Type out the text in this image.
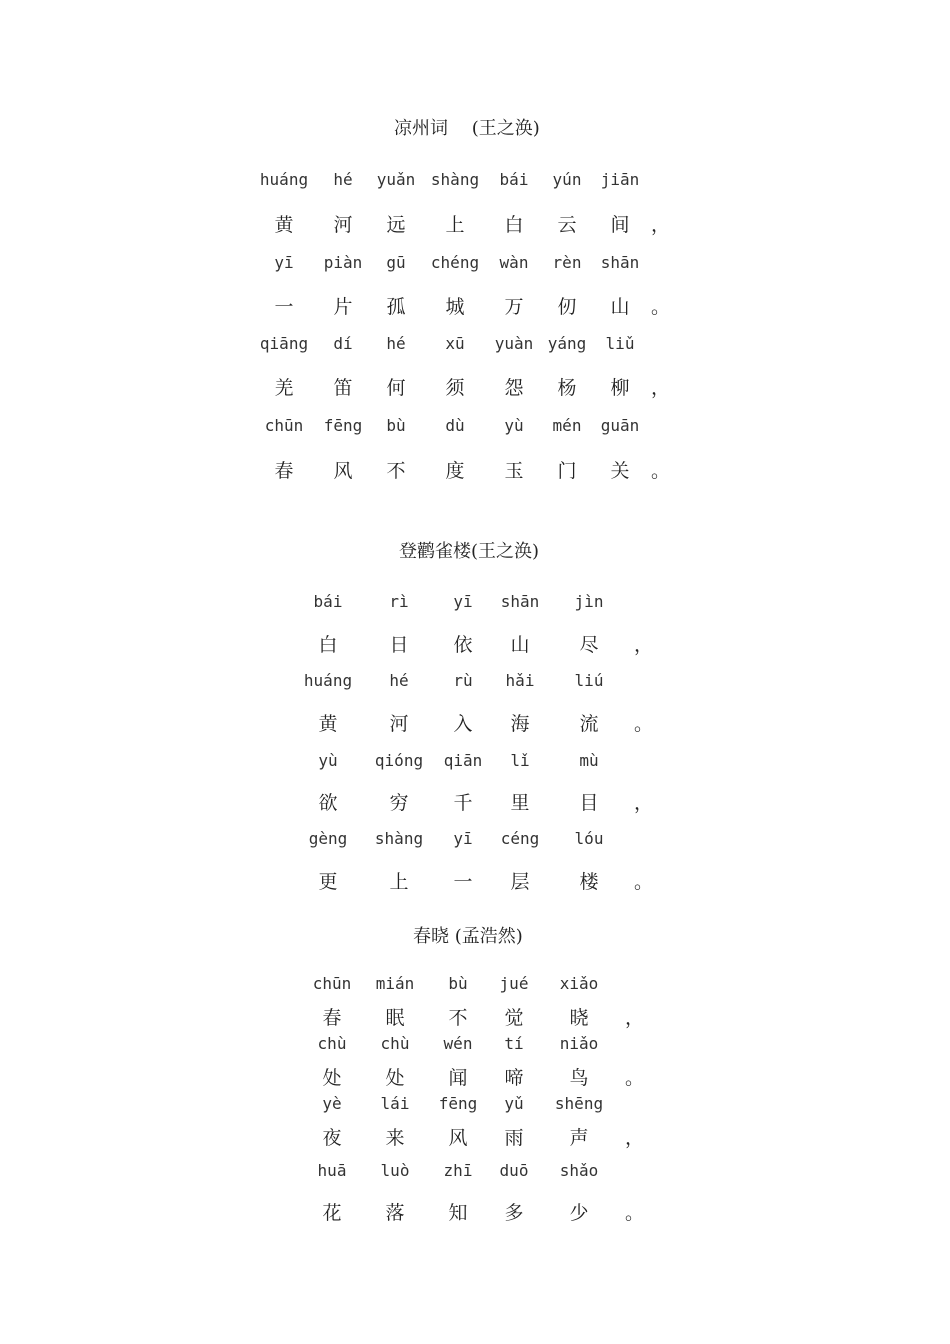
凉州词　 (王之涣)
huáng hé yuǎn shàng bái yún jiān
黄 河 远 上 白 云 间 ，
yī piàn gū chéng wàn rèn shān
一 片 孤 城 万 仞 山 。
qiāng dí hé xū yuàn yáng liǔ
羌 笛 何 须 怨 杨 柳 ，
chūn fēng bù dù yù mén guān
春 风 不 度 玉 门 关 。
登鹳雀楼(王之涣)
bái	rì	yī shān jìn
白	日 依 山	尽 ，
huáng hé	rù hǎi	liú
黄	河 入 海	流 。
yù qióng qiān lǐ	mù
欲	穷 千 里	目 ，
gèng shàng yī céng lóu
更	上 一 层	楼 。
春晓 (孟浩然)
chūn mián bù jué xiǎo
春 眠 不 觉 晓 ，
chù chù wén tí niǎo
处 处 闻 啼 鸟 。
yè lái fēng yǔ shēng
夜 来 风 雨 声 ，
huā luò zhī duō shǎo
花 落 知 多 少 。
